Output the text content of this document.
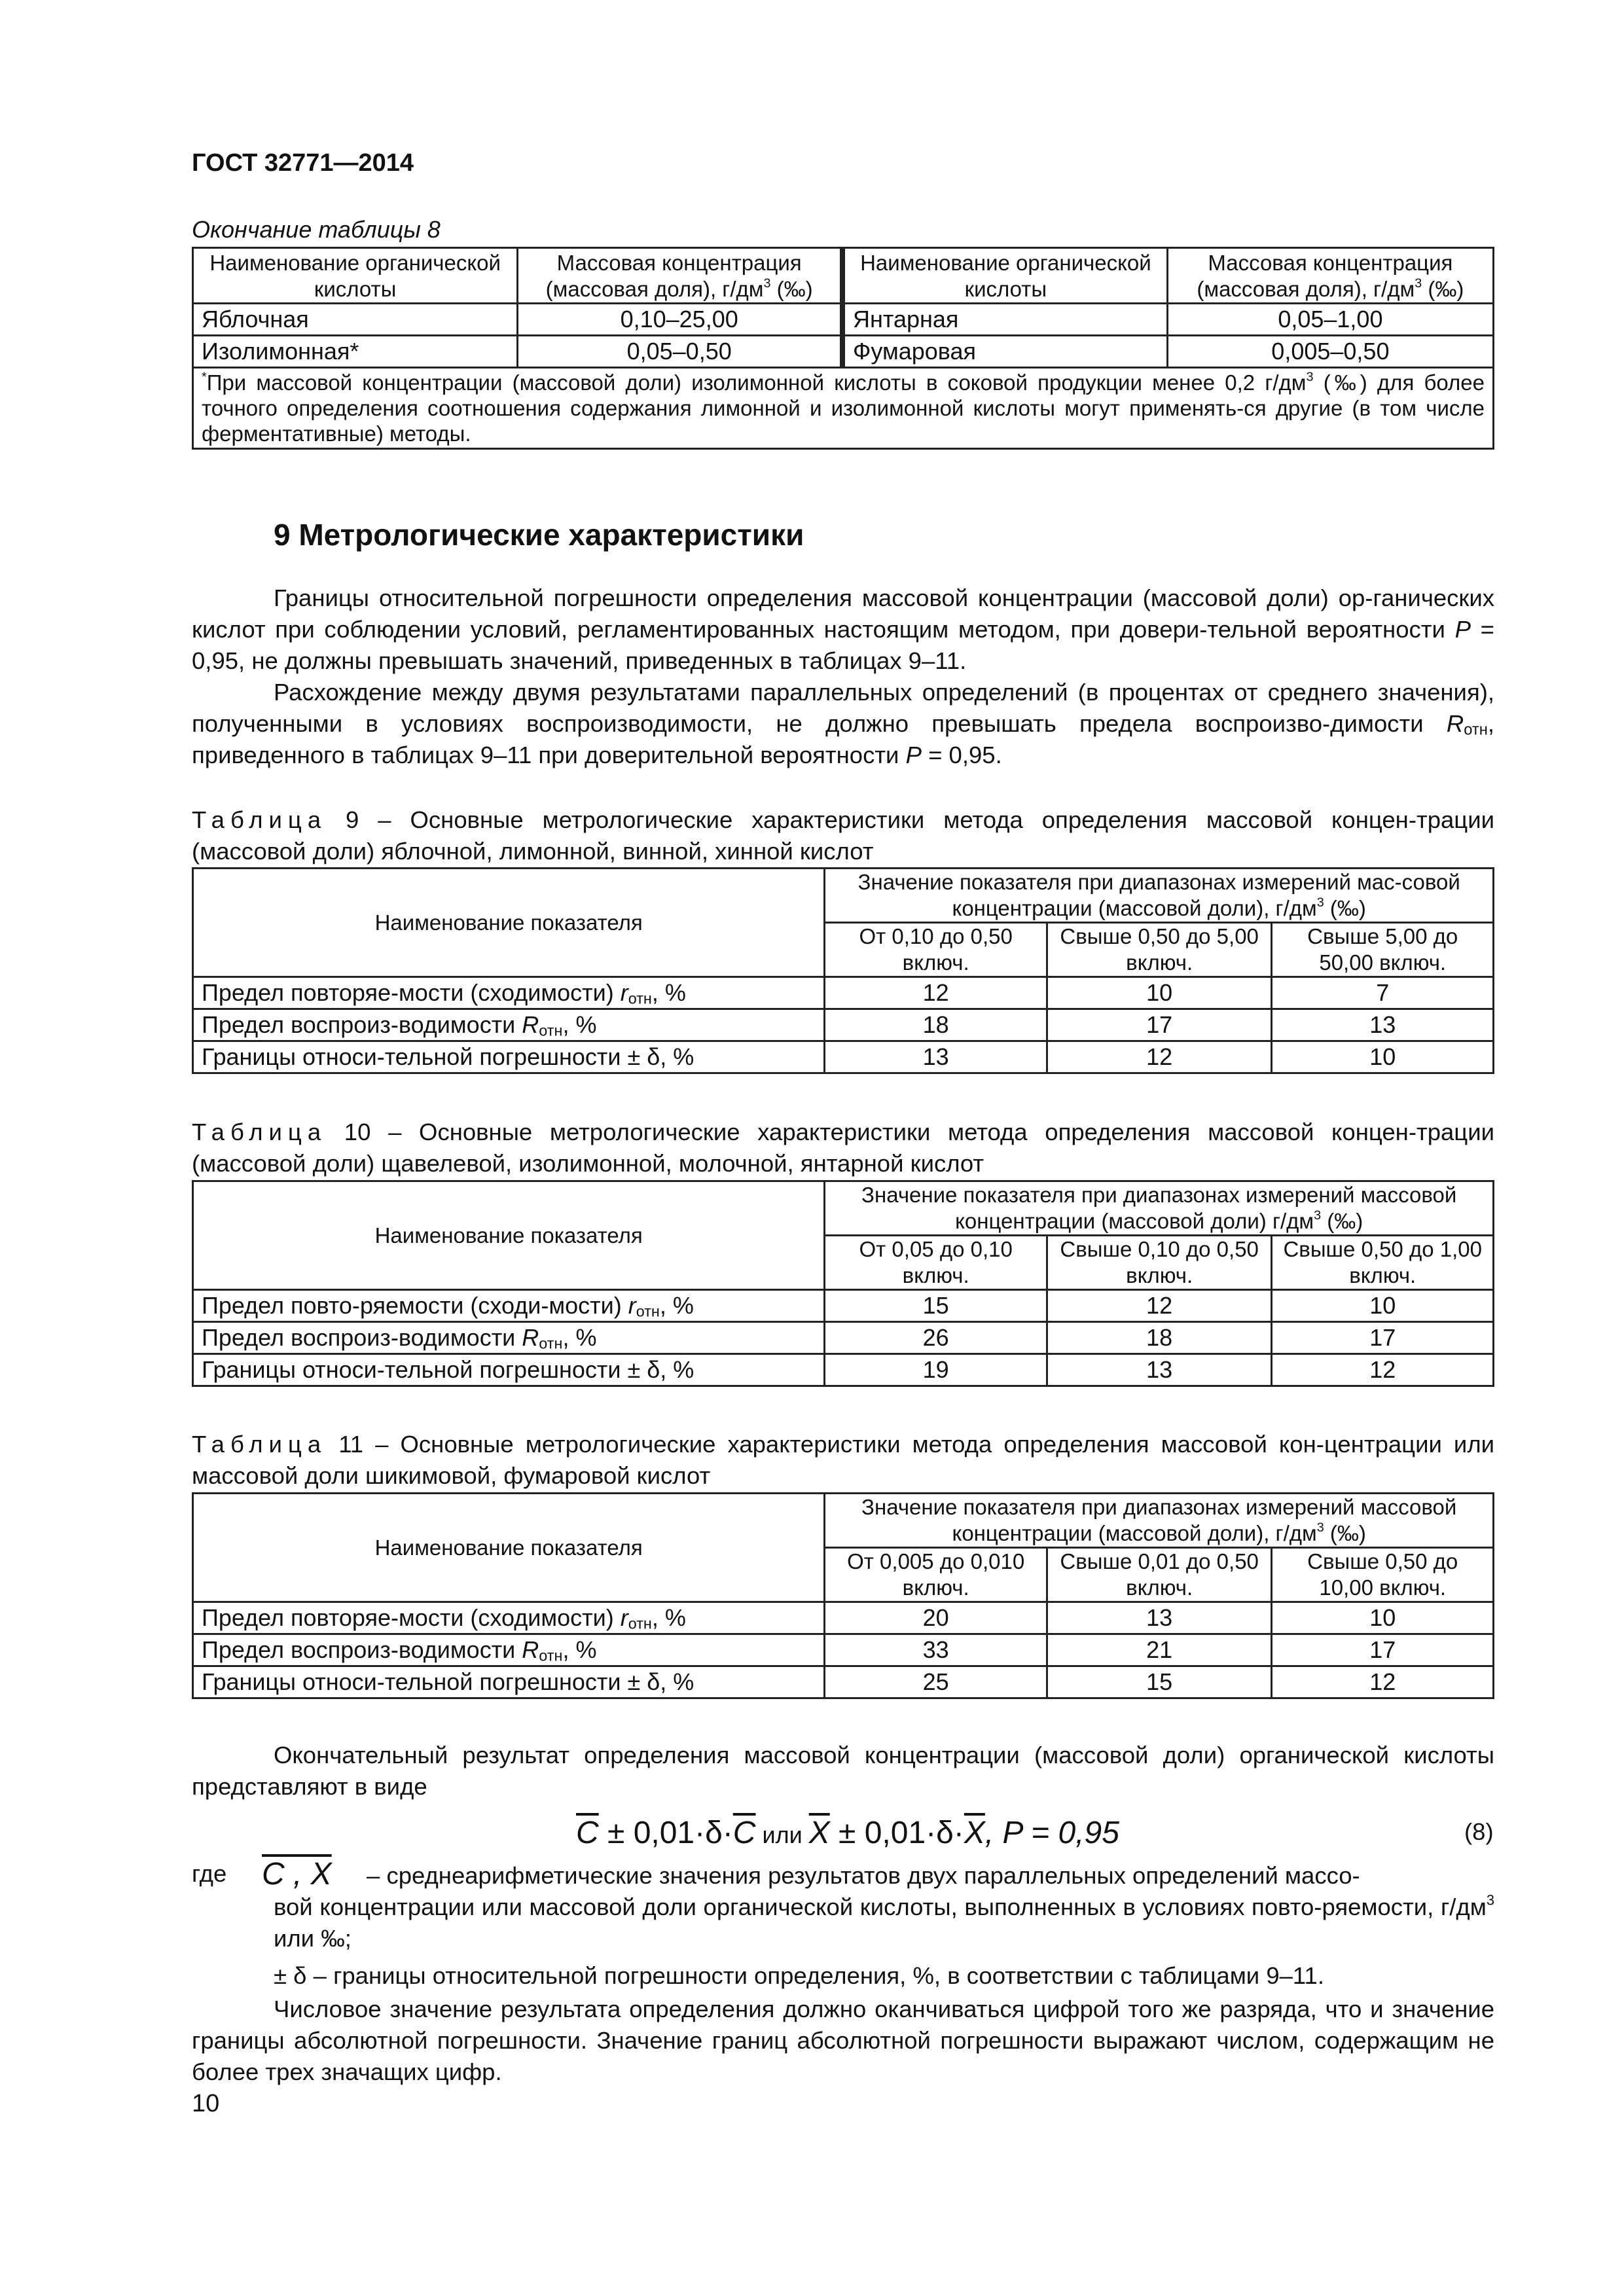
ГОСТ 32771—2014
Окончание таблицы 8
Наименование органической кислоты	Массовая концентрация (массовая доля), $г/дм^3$ (‰)	Наименование органической кислоты	Массовая концентрация (массовая доля), $г/дм^3$ (‰)
Яблочная	0,10–25,00	Янтарная	0,05–1,00
Изолимонная*	0,05–0,50	Фумаровая	0,005–0,50
*При массовой концентрации (массовой доли) изолимонной кислоты в соковой продукции менее 0,2 $г/дм^3$ (‰) для более точного определения соотношения содержания лимонной и изолимонной кислоты могут применять-ся другие (в том числе ферментативные) методы.			
9 Метрологические характеристики

Границы относительной погрешности определения массовой концентрации (массовой доли) ор-ганических кислот при соблюдении условий, регламентированных настоящим методом, при довери-тельной вероятности P = 0,95, не должны превышать значений, приведенных в таблицах 9–11.

Расхождение между двумя результатами параллельных определений (в процентах от среднего значения), полученными в условиях воспроизводимости, не должно превышать предела воспроизво-димости $R_{отн}$, приведенного в таблицах 9–11 при доверительной вероятности P = 0,95.

Таблица 9 – Основные метрологические характеристики метода определения массовой концен-трации (массовой доли) яблочной, лимонной, винной, хинной кислот
Наименование показателя	Значение показателя при диапазонах измерений мас-совой концентрации (массовой доли), $г/дм^3$ (‰)		
	От 0,10 до 0,50 включ.	Свыше 0,50 до 5,00 включ.	Свыше 5,00 до 50,00 включ.
Предел повторяе-мости (сходимости) $r_{отн}$, %	12	10	7
Предел воспроиз-водимости $R_{отн}$, %	18	17	13
Границы относи-тельной погрешности ± δ, %	13	12	10
Таблица 10 – Основные метрологические характеристики метода определения массовой концен-трации (массовой доли) щавелевой, изолимонной, молочной, янтарной кислот
Наименование показателя	Значение показателя при диапазонах измерений массовой концентрации (массовой доли) $г/дм^3$ (‰)		
	От 0,05 до 0,10 включ.	Свыше 0,10 до 0,50 включ.	Свыше 0,50 до 1,00 включ.
Предел повто-ряемости (сходи-мости) $r_{отн}$, %	15	12	10
Предел воспроиз-водимости $R_{отн}$, %	26	18	17
Границы относи-тельной погрешности ± δ, %	19	13	12
Таблица 11 – Основные метрологические характеристики метода определения массовой кон-центрации или массовой доли шикимовой, фумаровой кислот
Наименование показателя	Значение показателя при диапазонах измерений массовой концентрации (массовой доли), $г/дм^3$ (‰)		
	От 0,005 до 0,010 включ.	Свыше 0,01 до 0,50 включ.	Свыше 0,50 до 10,00 включ.
Предел повторяе-мости (сходимости) $r_{отн}$, %	20	13	10
Предел воспроиз-водимости $R_{отн}$, %	33	21	17
Границы относи-тельной погрешности ± δ, %	25	15	12

Окончательный результат определения массовой концентрации (массовой доли) органической кислоты представляют в виде

$\overline{C} \pm 0,01\cdot\delta\cdot\overline{C}$ или $\overline{X} \pm 0,01\cdot\delta\cdot\overline{X}$, P = 0,95	(8)
где C , X – среднеарифметические значения результатов двух параллельных определений массо-
вой концентрации или массовой доли органической кислоты, выполненных в условиях повто-ряемости, $г/дм^3$ или ‰;
± δ – границы относительной погрешности определения, %, в соответствии с таблицами 9–11.

Числовое значение результата определения должно оканчиваться цифрой того же разряда, что и значение границы абсолютной погрешности. Значение границ абсолютной погрешности выражают числом, содержащим не более трех значащих цифр.

10
